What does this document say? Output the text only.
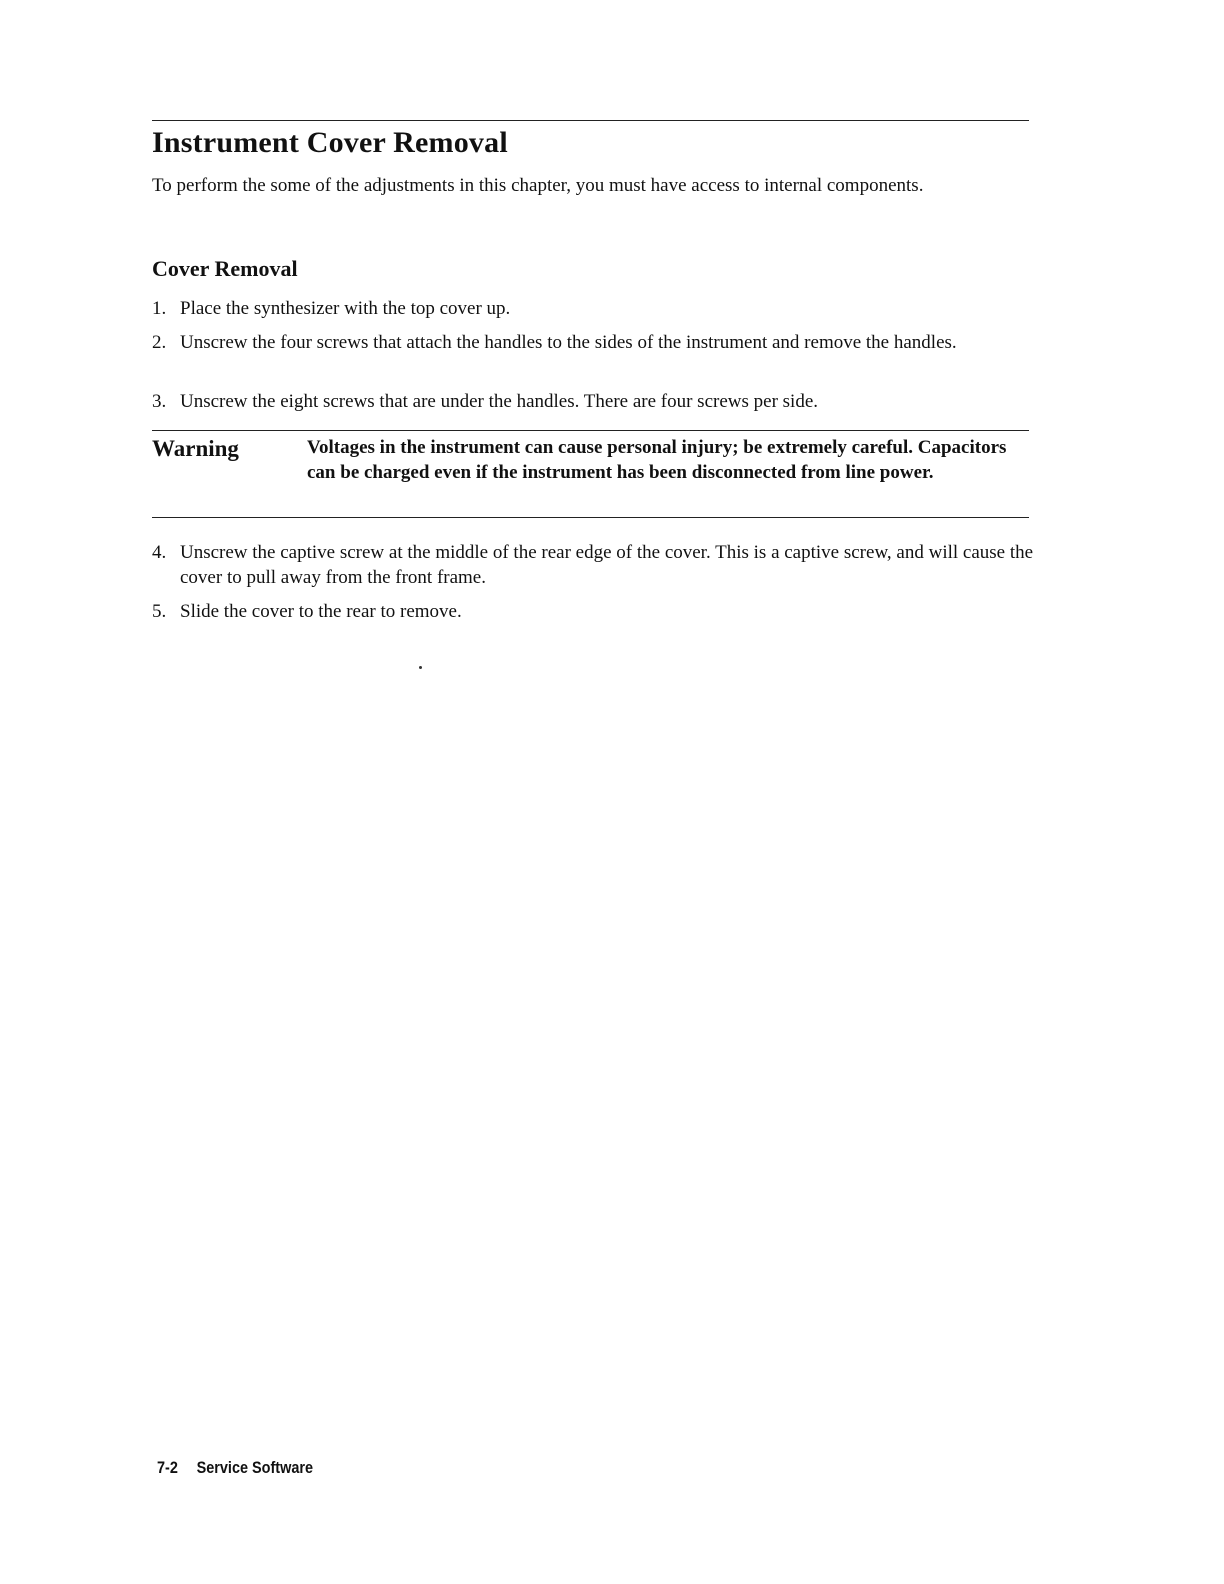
Instrument Cover Removal

To perform the some of the adjustments in this chapter, you must have access to internal components.

Cover Removal
1. Place the synthesizer with the top cover up.
2. Unscrew the four screws that attach the handles to the sides of the instrument and remove the handles.
3. Unscrew the eight screws that are under the handles. There are four screws per side.
Warning	Voltages in the instrument can cause personal injury; be extremely careful. Capacitors can be charged even if the instrument has been disconnected from line power.
4. Unscrew the captive screw at the middle of the rear edge of the cover. This is a captive screw, and will cause the cover to pull away from the front frame.
5. Slide the cover to the rear to remove.
7-2 Service Software
